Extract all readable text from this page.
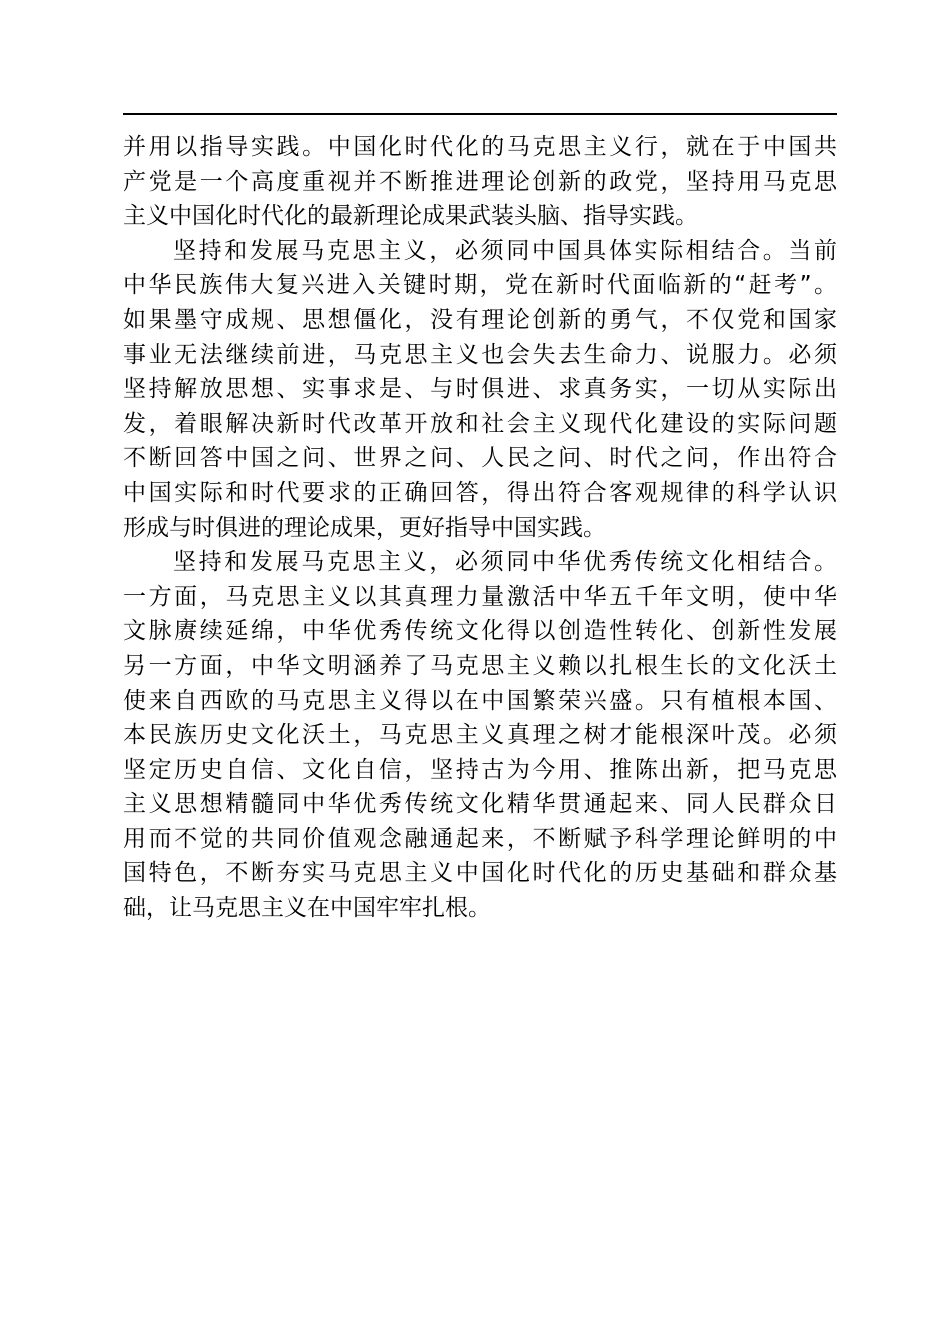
并用以指导实践。中国化时代化的马克思主义行，就在于中国共
产党是一个高度重视并不断推进理论创新的政党，坚持用马克思
主义中国化时代化的最新理论成果武装头脑、指导实践。
坚持和发展马克思主义，必须同中国具体实际相结合。当前
中华民族伟大复兴进入关键时期，党在新时代面临新的“赶考”。
如果墨守成规、思想僵化，没有理论创新的勇气，不仅党和国家
事业无法继续前进，马克思主义也会失去生命力、说服力。必须
坚持解放思想、实事求是、与时俱进、求真务实，一切从实际出
发，着眼解决新时代改革开放和社会主义现代化建设的实际问题
不断回答中国之问、世界之问、人民之问、时代之问，作出符合
中国实际和时代要求的正确回答，得出符合客观规律的科学认识
形成与时俱进的理论成果，更好指导中国实践。
坚持和发展马克思主义，必须同中华优秀传统文化相结合。
一方面，马克思主义以其真理力量激活中华五千年文明，使中华
文脉赓续延绵，中华优秀传统文化得以创造性转化、创新性发展
另一方面，中华文明涵养了马克思主义赖以扎根生长的文化沃土
使来自西欧的马克思主义得以在中国繁荣兴盛。只有植根本国、
本民族历史文化沃土，马克思主义真理之树才能根深叶茂。必须
坚定历史自信、文化自信，坚持古为今用、推陈出新，把马克思
主义思想精髓同中华优秀传统文化精华贯通起来、同人民群众日
用而不觉的共同价值观念融通起来，不断赋予科学理论鲜明的中
国特色，不断夯实马克思主义中国化时代化的历史基础和群众基
础，让马克思主义在中国牢牢扎根。
